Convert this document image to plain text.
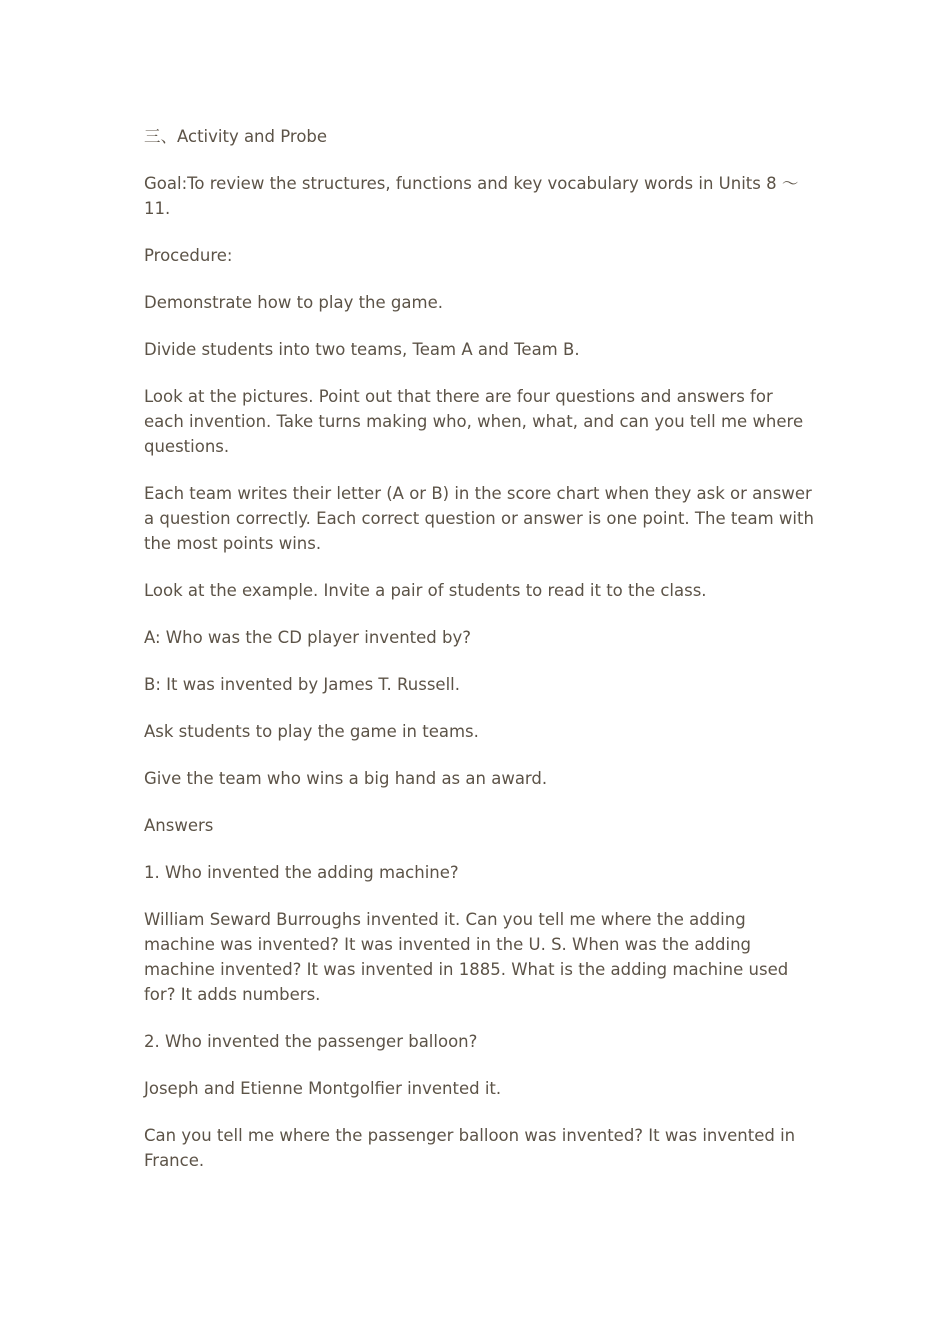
三、Activity and Probe

Goal:To review the structures, functions and key vocabulary words in Units 8 ～11.

Procedure:

Demonstrate how to play the game.

Divide students into two teams, Team A and Team B.

Look at the pictures. Point out that there are four questions and answers for each invention. Take turns making who, when, what, and can you tell me where questions.

Each team writes their letter (A or B) in the score chart when they ask or answer a question correctly. Each correct question or answer is one point. The team with the most points wins.

Look at the example. Invite a pair of students to read it to the class.

A: Who was the CD player invented by?

B: It was invented by James T. Russell.

Ask students to play the game in teams.

Give the team who wins a big hand as an award.

Answers

1. Who invented the adding machine?

William Seward Burroughs invented it. Can you tell me where the adding machine was invented? It was invented in the U. S. When was the adding machine invented? It was invented in 1885. What is the adding machine used for? It adds numbers.

2. Who invented the passenger balloon?

Joseph and Etienne Montgolfier invented it.

Can you tell me where the passenger balloon was invented? It was invented in France.
